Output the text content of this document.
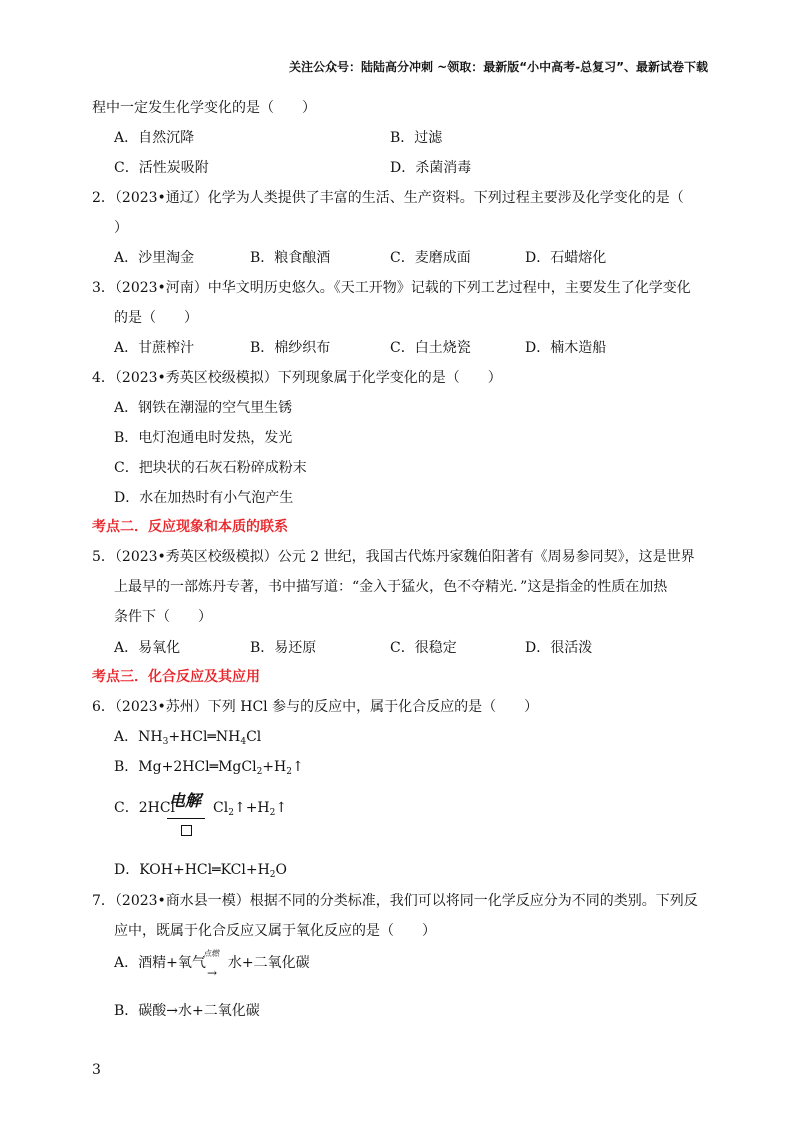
关注公众号：陆陆高分冲刺 ~领取：最新版“小中高考-总复习”、最新试卷下载
程中一定发生化学变化的是（　　）
A．自然沉降	B．过滤
C．活性炭吸附	D．杀菌消毒
2．（2023•通辽）化学为人类提供了丰富的生活、生产资料。下列过程主要涉及化学变化的是（
）
A．沙里淘金	B．粮食酿酒	C．麦磨成面	D．石蜡熔化
3．（2023•河南）中华文明历史悠久。《天工开物》记载的下列工艺过程中，主要发生了化学变化
的是（　　）
A．甘蔗榨汁	B．棉纱织布	C．白土烧瓷	D．楠木造船
4．（2023•秀英区校级模拟）下列现象属于化学变化的是（　　）
A．钢铁在潮湿的空气里生锈
B．电灯泡通电时发热，发光
C．把块状的石灰石粉碎成粉末
D．水在加热时有小气泡产生
考点二．反应现象和本质的联系
5．（2023•秀英区校级模拟）公元 2 世纪，我国古代炼丹家魏伯阳著有《周易参同契》，这是世界
上最早的一部炼丹专著，书中描写道：“金入于猛火，色不夺精光．”这是指金的性质在加热
条件下（　　）
A．易氧化	B．易还原	C．很稳定	D．很活泼
考点三．化合反应及其应用
6．（2023•苏州）下列 HCl 参与的反应中，属于化合反应的是（　　）
A．$NH_3+HCl═NH_4Cl$
B．$Mg+2HCl═MgCl_2+H_2↑$
C．2HCl	$Cl_2↑+H_2↑$
电解
D．$KOH+HCl═KCl+H_2O$
7．（2023•商水县一模）根据不同的分类标准，我们可以将同一化学反应分为不同的类别。下列反
应中，既属于化合反应又属于氧化反应的是（　　）
A．酒精+氧气 水+二氧化碳
点燃
→
B．碳酸→水+二氧化碳
3
